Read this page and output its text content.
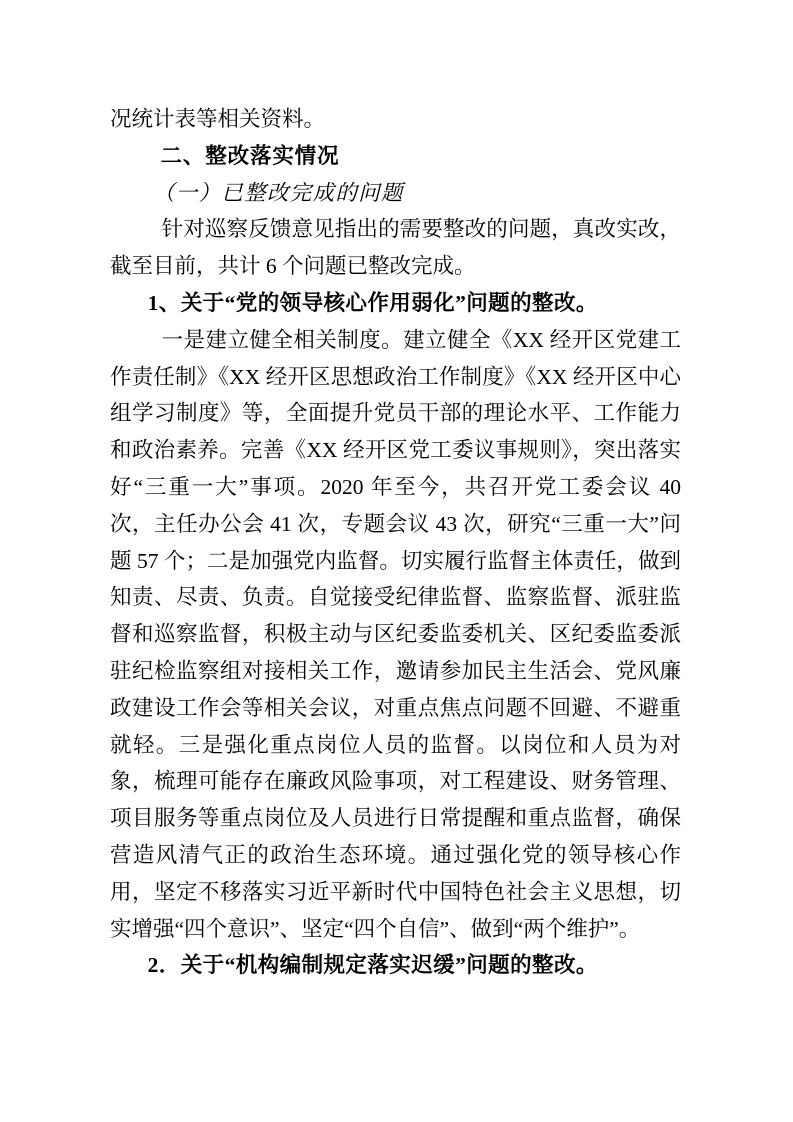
况统计表等相关资料。

二、整改落实情况

（一）已整改完成的问题

针对巡察反馈意见指出的需要整改的问题，真改实改，截至目前，共计 6 个问题已整改完成。

1、关于“党的领导核心作用弱化”问题的整改。

一是建立健全相关制度。建立健全《XX 经开区党建工作责任制》《XX 经开区思想政治工作制度》《XX 经开区中心组学习制度》等，全面提升党员干部的理论水平、工作能力和政治素养。完善《XX 经开区党工委议事规则》，突出落实好“三重一大”事项。2020 年至今，共召开党工委会议 40 次，主任办公会 41 次，专题会议 43 次，研究“三重一大”问题 57 个；二是加强党内监督。切实履行监督主体责任，做到知责、尽责、负责。自觉接受纪律监督、监察监督、派驻监督和巡察监督，积极主动与区纪委监委机关、区纪委监委派驻纪检监察组对接相关工作，邀请参加民主生活会、党风廉政建设工作会等相关会议，对重点焦点问题不回避、不避重就轻。三是强化重点岗位人员的监督。以岗位和人员为对象，梳理可能存在廉政风险事项，对工程建设、财务管理、项目服务等重点岗位及人员进行日常提醒和重点监督，确保营造风清气正的政治生态环境。通过强化党的领导核心作用，坚定不移落实习近平新时代中国特色社会主义思想，切实增强“四个意识”、坚定“四个自信”、做到“两个维护”。

2．关于“机构编制规定落实迟缓”问题的整改。
